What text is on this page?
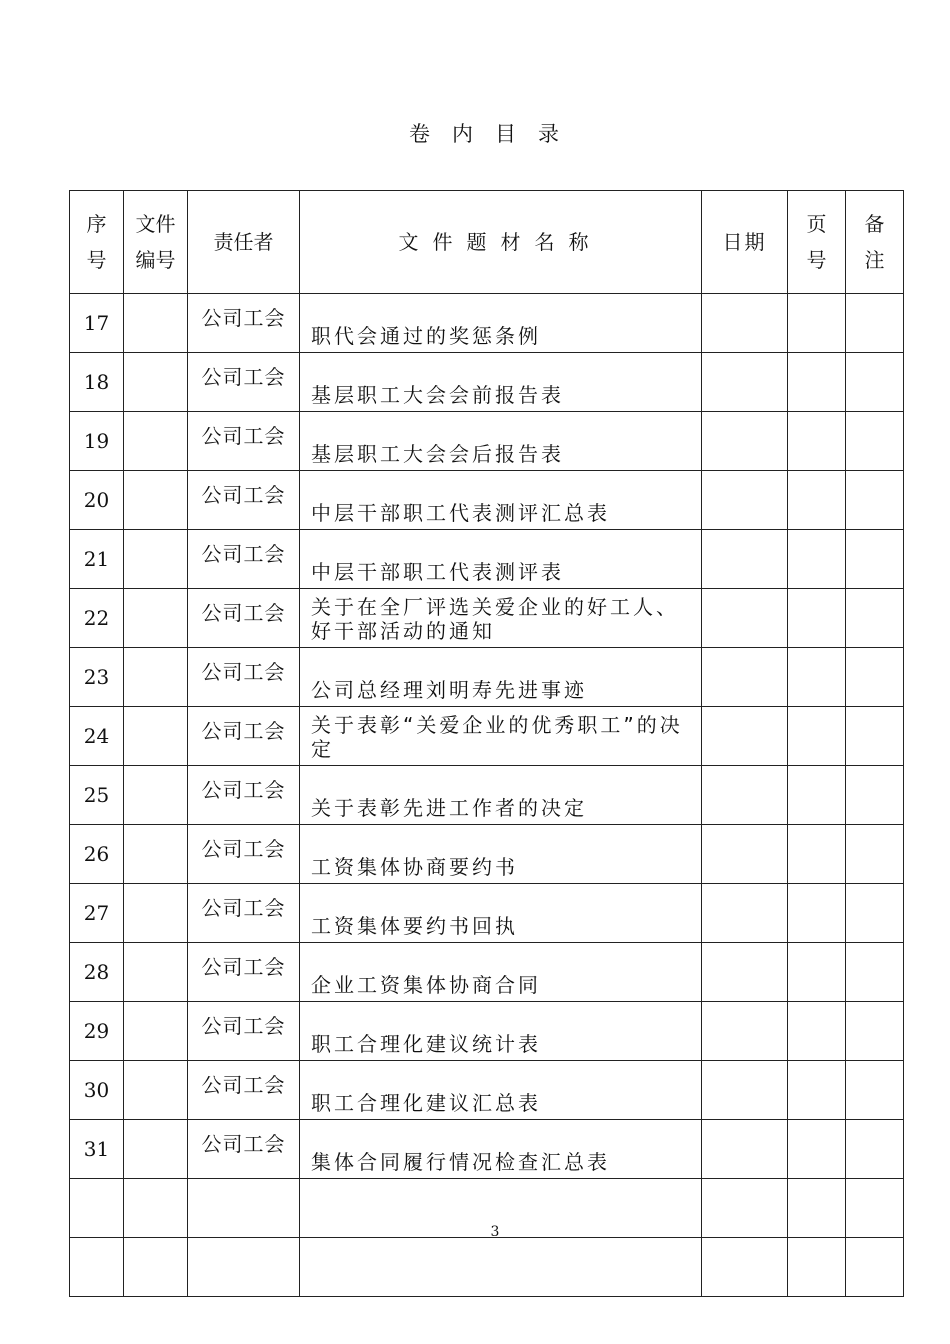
卷内目录
序号	文件编号	责任者	文件题材名称	日期	页号	备注

17		公司工会	职代会通过的奖惩条例			
18		公司工会	基层职工大会会前报告表			
19		公司工会	基层职工大会会后报告表			
20		公司工会	中层干部职工代表测评汇总表			
21		公司工会	中层干部职工代表测评表			
22		公司工会	关于在全厂评选关爱企业的好工人、好干部活动的通知			
23		公司工会	公司总经理刘明寿先进事迹			
24		公司工会	关于表彰“关爱企业的优秀职工”的决定			
25		公司工会	关于表彰先进工作者的决定			
26		公司工会	工资集体协商要约书			
27		公司工会	工资集体要约书回执			
28		公司工会	企业工资集体协商合同			
29		公司工会	职工合理化建议统计表			
30		公司工会	职工合理化建议汇总表			
31		公司工会	集体合同履行情况检查汇总表			

3
